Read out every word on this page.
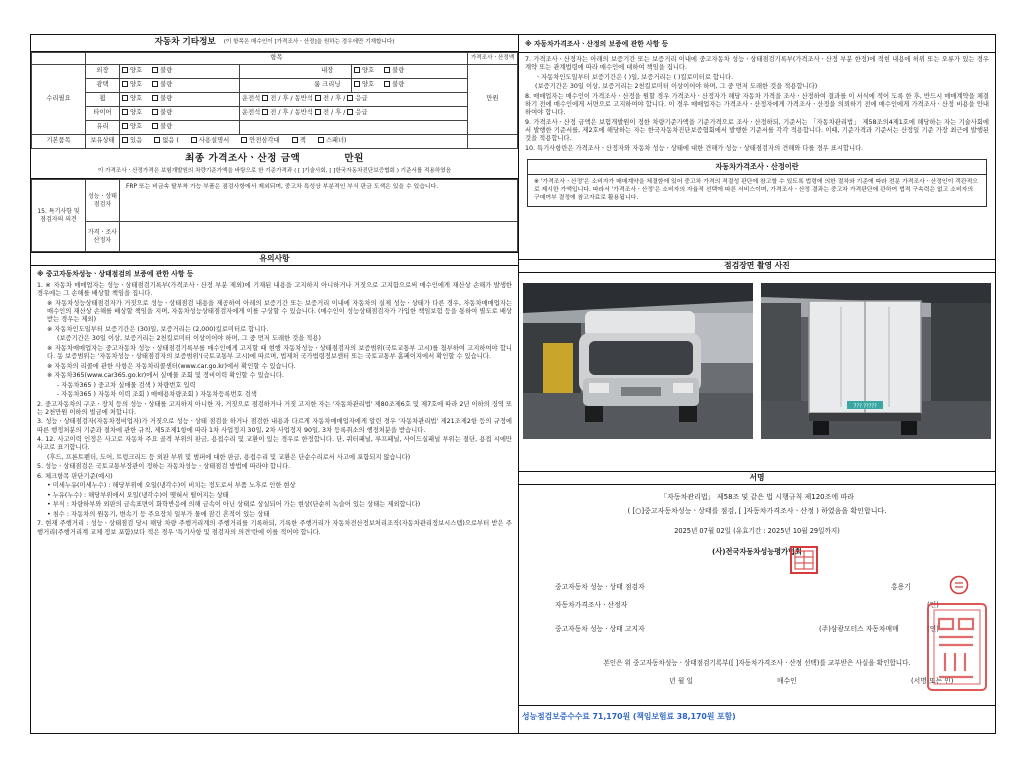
자동차 기타정보 (이 항목은 매수인이 [가격조사ㆍ산정]을 원하는 경우에만 기재합니다)
	항목					가격조사ㆍ산정액
수리필요	외장	양호 불량		내장	양호 불량	만원
	광택	양호 불량		룸 크리닝	양호 불량	
	휠	양호 불량	운전석 전 / 후 / 동반석 전 / 후 / 응급			
	타이어	양호 불량	운전석 전 / 후 / 동반석 전 / 후 / 응급			
	유리	양호 불량				
기본품목	보유상태	있음 없음 ( 사용설명서 안전삼각대 잭 스패너)				
최종 가격조사ㆍ산정 금액	만원
이 가격조사ㆍ산정가격은 보험개발원의 차량기준가액을 바탕으로 한 기준가격과 ( [ ]기술사회, [ ]한국자동차진단보증협회 ) 기준서를 적용하였음
15. 특기사항 및 점검자의 의견	성능ㆍ상태 점검자	FRP 또는 비금속 탈부착 가능 부품은 점검사항에서 제외되며, 중고차 특성상 부분적인 부식 판금 도색은 있을 수 있습니다.
	가격ㆍ조사 산정자	
유의사항
※ 중고자동차성능ㆍ상태점검의 보증에 관한 사항 등

1. ※ 자동차 매매업자는 성능ㆍ상태점검기록부(가격조사ㆍ산정 부분 제외)에 기재된 내용을 고지하지 아니하거나 거짓으로 고지함으로써 매수인에게 재산상 손해가 발생한 경우에는 그 손해를 배상할 책임을 집니다.

※ 자동차성능상태점검자가 거짓으로 성능ㆍ상태점검 내용을 제공하여 아래의 보증기간 또는 보증거리 이내에 자동차의 실제 성능ㆍ상태가 다른 경우, 자동차매매업자는 매수인의 재산상 손해를 배상할 책임을 지며, 자동차성능상태점검자에게 이를 구상할 수 있습니다. (매수인이 성능상태점검자가 가입한 책임보험 등을 통하여 별도로 배상받는 경우는 제외)

※ 자동차인도일부터 보증기간은 (30)일, 보증거리는 (2,000)킬로미터로 합니다.

(보증기간은 30일 이상, 보증거리는 2천킬로미터 이상이어야 하며, 그 중 먼저 도래한 것을 적용)

※ 자동차매매업자는 중고자동차 성능ㆍ상태점검기록부를 매수인에게 고지할 때 현행 자동차성능ㆍ상태점검자의 보증범위(국토교통부 고시)를 첨부하여 고지하여야 합니다. 동 보증범위는 '자동차성능ㆍ상태점검자의 보증범위'(국토교통부 고시)에 따르며, 법제처 국가법령정보센터 또는 국토교통부 홈페이지에서 확인할 수 있습니다.

※ 자동차의 리콜에 관한 사항은 자동차리콜센터(www.car.go.kr)에서 확인할 수 있습니다.

※ 자동차365(www.car365.go.kr)에서 실매물 조회 및 정비이력 확인할 수 있습니다.

- 자동차365 ) 중고차 실매물 검색 ) 차량번호 입력

- 자동차365 ) 자동차 이력 조회 ) 매매용차량조회 ) 자동차등록번호 검색

2. 중고자동차의 구조ㆍ장치 등의 성능ㆍ상태를 고지하지 아니한 자, 거짓으로 점검하거나 거짓 고지한 자는 '자동차관리법' 제80조제6호 및 제7호에 따라 2년 이하의 징역 또는 2천만원 이하의 벌금에 처합니다.

3. 성능ㆍ상태점검자(자동차정비업자)가 거짓으로 성능ㆍ상태 점검을 하거나 점검한 내용과 다르게 자동차매매업자에게 알린 경우 '자동차관리법' 제21조제2항 등의 규정에 따른 행정처분의 기준과 절차에 관한 규칙, 제5조제1항에 따라 1차 사업정지 30일, 2차 사업정지 90일, 3차 등록취소의 행정처분을 받습니다.

4. 12. 사고이력 인정은 사고로 자동차 주요 골격 부위의 판금, 용접수리 및 교환이 있는 경우로 한정합니다. 단, 쿼터패널, 루프패널, 사이드실패널 부위는 절단, 용접 시에만 사고로 표기합니다.

(후드, 프론트펜더, 도어, 트렁크리드 등 외판 부위 및 범퍼에 대한 판금, 용접수리 및 교환은 단순수리로서 사고에 포함되지 않습니다)

5. 성능ㆍ상태점검은 국토교통부장관이 정하는 자동차성능ㆍ상태점검 방법에 따라야 합니다.

6. 체크항목 판단기준(예시)

• 미세누유(미세누수) : 해당부위에 오일(냉각수)이 비치는 정도로서 부품 노후로 인한 현상

• 누유(누수) : 해당부위에서 오일(냉각수)이 맺혀서 떨어지는 상태

• 부식 : 차량하부와 외판의 금속표면이 화학반응에 의해 금속이 아닌 상태로 상실되어 가는 현상(단순히 녹슬어 있는 상태는 제외합니다)

• 침수 : 자동차의 원동기, 변속기 등 주요장치 일부가 물에 잠긴 흔적이 있는 상태

7. 현재 주행거리 : 성능ㆍ상태점검 당시 해당 차량 주행거리계의 주행거리를 기록하되, 기록한 주행거리가 자동차전산정보처리조직(자동차관리정보시스템)으로부터 받은 주행거리(주행거리계 교체 정보 포함)보다 적은 경우 '특기사항 및 점검자의 의견'란에 이를 적어야 합니다.

※ 자동차가격조사ㆍ산정의 보증에 관한 사항 등

7. 가격조사ㆍ산정자는 아래의 보증기간 또는 보증거리 이내에 중고자동차 성능ㆍ상태점검기록부(가격조사ㆍ산정 부분 한정)에 적힌 내용에 허위 또는 오류가 있는 경우 계약 또는 관계법령에 따라 매수인에 대하여 책임을 집니다.

ㆍ자동차인도일부터 보증기간은 ( )일, 보증거리는 ( )킬로미터로 합니다.

(보증기간은 30일 이상, 보증거리는 2천킬로미터 이상이어야 하며, 그 중 먼저 도래한 것을 적용합니다)

8. 매매업자는 매수인이 가격조사ㆍ산정을 원할 경우 가격조사ㆍ산정자가 해당 자동차 가격을 조사ㆍ산정하여 결과를 이 서식에 적어 도록 한 후, 반드시 매매계약을 체결하기 전에 매수인에게 서면으로 고지하여야 합니다. 이 경우 매매업자는 가격조사ㆍ산정자에게 가격조사ㆍ산정을 의뢰하기 전에 매수인에게 가격조사ㆍ산정 비용을 안내하여야 합니다.

9. 가격조사ㆍ산정 금액은 보험개발원이 정한 차량기준가액을 기준가격으로 조사ㆍ산정하되, 기준서는 「자동차관리법」 제58조의4제1호에 해당하는 자는 기술사회에서 발행한 기준서를, 제2호에 해당하는 자는 한국자동차진단보증협회에서 발행한 기준서를 각각 적용합니다. 이때, 기준가격과 기준서는 산정일 기준 가장 최근에 발행된 것을 적용합니다.

10. 특기사항란은 가격조사ㆍ산정자와 자동차 성능ㆍ상태에 대한 견해가 성능ㆍ상태점검자의 견해와 다를 경우 표시합니다.

자동차가격조사ㆍ산정이란
※ '가격조사ㆍ산정'은 소비자가 매매계약을 체결함에 있어 중고차 가격의 적절성 판단에 참고할 수 있도록 법령에 의한 절차와 기준에 따라 전문 가격조사ㆍ산정인이 객관적으로 제시한 가액입니다. 따라서 '가격조사ㆍ산정'은 소비자의 자율적 선택에 따른 서비스이며, 가격조사ㆍ산정 결과는 중고차 가격판단에 관하여 법적 구속력은 없고 소비자의 구매여부 결정에 참고자료로 활용됩니다.
점검장면 촬영 사진
7?? ?????
서명
「자동차관리법」 제58조 및 같은 법 시행규칙 제120조에 따라
( [○]중고자동차성능ㆍ상태를 점검, [ ]자동차가격조사ㆍ산정 ) 하였음을 확인합니다.
2025년 07월 02일 (유효기간 : 2025년 10월 29일까지)
(사)전국자동차성능평가협회
중고자동차 성능ㆍ상태 점검자	홍용기
자동차가격조사ㆍ산정자	(인)
중고자동차 성능ㆍ상태 고지자	(주)삼광모터스 자동차매매	(인)
본인은 위 중고자동차성능ㆍ상태점검기록부([ ]자동차가격조사ㆍ산정 선택)를 교부받은 사실을 확인합니다.
년 월 일	매수인	(서명 또는 인)
성능점검보증수수료 71,170원 (책임보험료 38,170원 포함)
